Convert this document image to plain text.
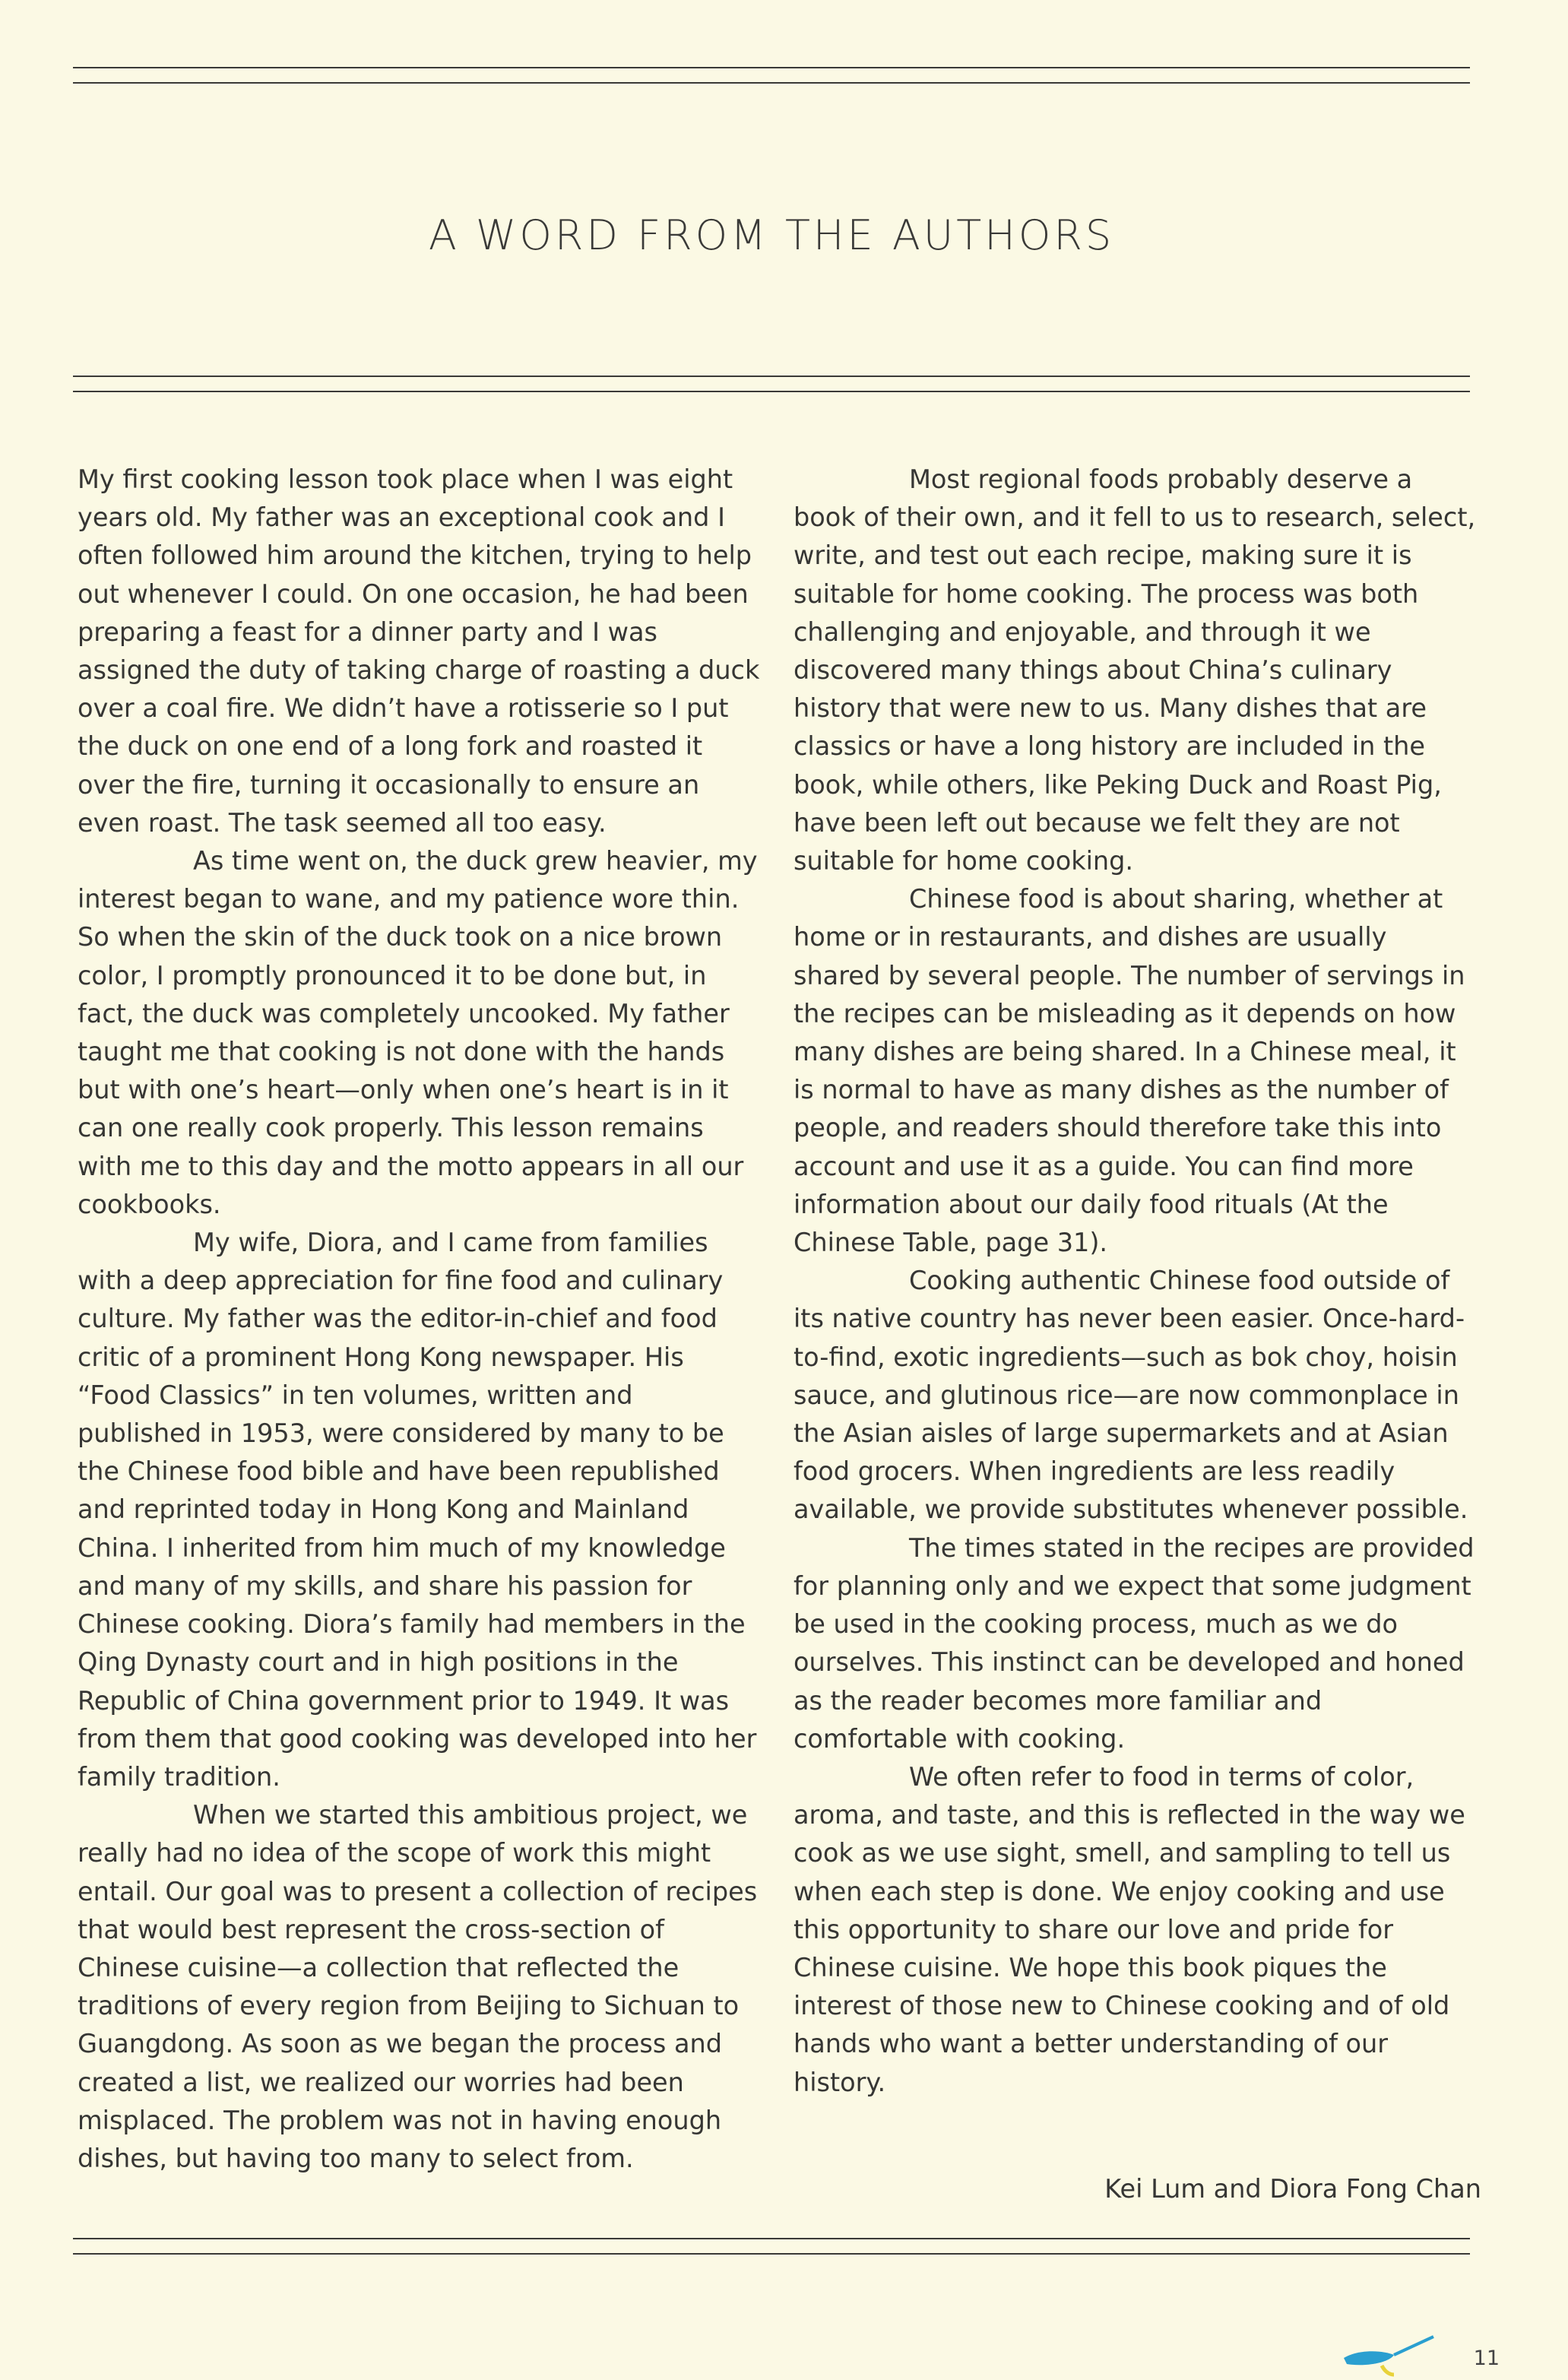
A WORD FROM THE AUTHORS

My first cooking lesson took place when I was eight years old. My father was an exceptional cook and I often followed him around the kitchen, trying to help out whenever I could. On one occasion, he had been preparing a feast for a dinner party and I was assigned the duty of taking charge of roasting a duck over a coal fire. We didn’t have a rotisserie so I put the duck on one end of a long fork and roasted it over the fire, turning it occasionally to ensure an even roast. The task seemed all too easy.

As time went on, the duck grew heavier, my interest began to wane, and my patience wore thin. So when the skin of the duck took on a nice brown color, I promptly pronounced it to be done but, in fact, the duck was completely uncooked. My father taught me that cooking is not done with the hands but with one’s heart—only when one’s heart is in it can one really cook properly. This lesson remains with me to this day and the motto appears in all our cookbooks.

My wife, Diora, and I came from families with a deep appreciation for fine food and culinary culture. My father was the editor-in-chief and food critic of a prominent Hong Kong newspaper. His “Food Classics” in ten volumes, written and published in 1953, were considered by many to be the Chinese food bible and have been republished and reprinted today in Hong Kong and Mainland China. I inherited from him much of my knowledge and many of my skills, and share his passion for Chinese cooking. Diora’s family had members in the Qing Dynasty court and in high positions in the Republic of China government prior to 1949. It was from them that good cooking was developed into her family tradition.

When we started this ambitious project, we really had no idea of the scope of work this might entail. Our goal was to present a collection of recipes that would best represent the cross-section of Chinese cuisine—a collection that reflected the traditions of every region from Beijing to Sichuan to Guangdong. As soon as we began the process and created a list, we realized our worries had been misplaced. The problem was not in having enough dishes, but having too many to select from.

Most regional foods probably deserve a book of their own, and it fell to us to research, select, write, and test out each recipe, making sure it is suitable for home cooking. The process was both challenging and enjoyable, and through it we discovered many things about China’s culinary history that were new to us. Many dishes that are classics or have a long history are included in the book, while others, like Peking Duck and Roast Pig, have been left out because we felt they are not suitable for home cooking.

Chinese food is about sharing, whether at home or in restaurants, and dishes are usually shared by several people. The number of servings in the recipes can be misleading as it depends on how many dishes are being shared. In a Chinese meal, it is normal to have as many dishes as the number of people, and readers should therefore take this into account and use it as a guide. You can find more information about our daily food rituals (At the Chinese Table, page 31).

Cooking authentic Chinese food outside of its native country has never been easier. Once-hard-to-find, exotic ingredients—such as bok choy, hoisin sauce, and glutinous rice—are now commonplace in the Asian aisles of large supermarkets and at Asian food grocers. When ingredients are less readily available, we provide substitutes whenever possible.

The times stated in the recipes are provided for planning only and we expect that some judgment be used in the cooking process, much as we do ourselves. This instinct can be developed and honed as the reader becomes more familiar and comfortable with cooking.

We often refer to food in terms of color, aroma, and taste, and this is reflected in the way we cook as we use sight, smell, and sampling to tell us when each step is done. We enjoy cooking and use this opportunity to share our love and pride for Chinese cuisine. We hope this book piques the interest of those new to Chinese cooking and of old hands who want a better understanding of our history.

Kei Lum and Diora Fong Chan
11
